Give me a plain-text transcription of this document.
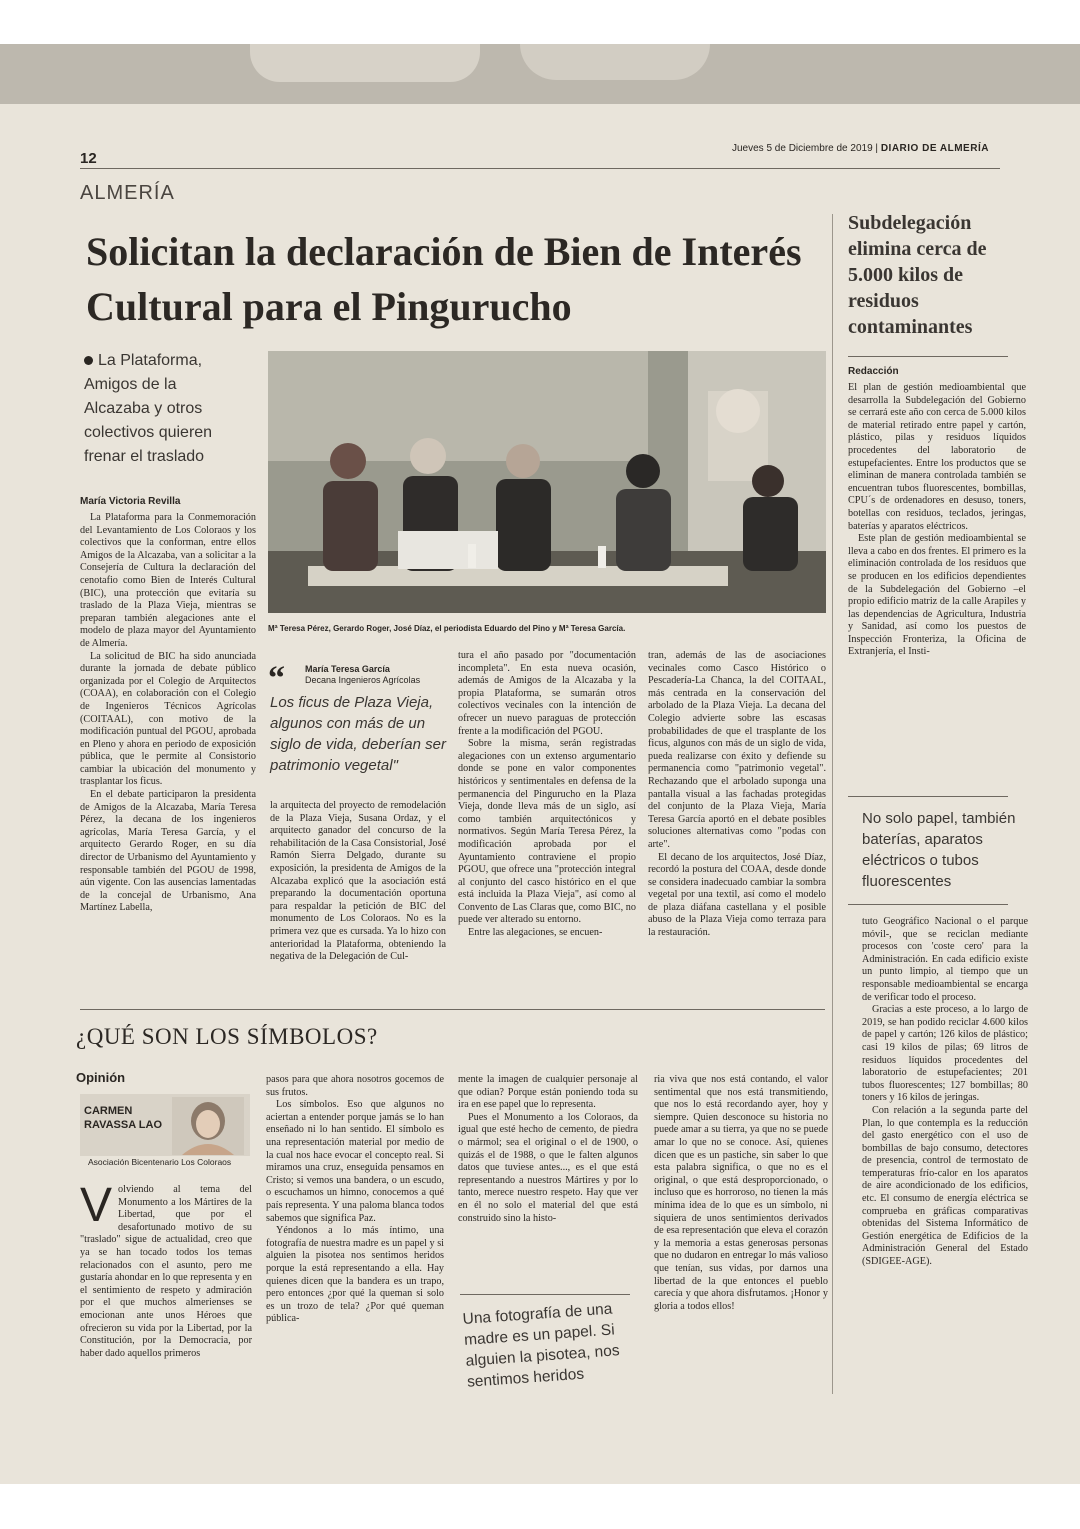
12
Jueves 5 de Diciembre de 2019 | DIARIO DE ALMERÍA
ALMERÍA
Solicitan la declaración de Bien de Interés Cultural para el Pingurucho
La Plataforma, Amigos de la Alcazaba y otros colectivos quieren frenar el traslado
Mª Teresa Pérez, Gerardo Roger, José Díaz, el periodista Eduardo del Pino y Mª Teresa García.
María Victoria Revilla

La Plataforma para la Conmemoración del Levantamiento de Los Coloraos y los colectivos que la conforman, entre ellos Amigos de la Alcazaba, van a solicitar a la Consejería de Cultura la declaración del cenotafio como Bien de Interés Cultural (BIC), una protección que evitaría su traslado de la Plaza Vieja, mientras se preparan también alegaciones ante el modelo de plaza mayor del Ayuntamiento de Almería.

La solicitud de BIC ha sido anunciada durante la jornada de debate público organizada por el Colegio de Arquitectos (COAA), en colaboración con el Colegio de Ingenieros Técnicos Agrícolas (COITAAL), con motivo de la modificación puntual del PGOU, aprobada en Pleno y ahora en periodo de exposición pública, que le permite al Consistorio cambiar la ubicación del monumento y trasplantar los ficus.

En el debate participaron la presidenta de Amigos de la Alcazaba, María Teresa Pérez, la decana de los ingenieros agrícolas, María Teresa García, y el arquitecto Gerardo Roger, en su día director de Urbanismo del Ayuntamiento y responsable también del PGOU de 1998, aún vigente. Con las ausencias lamentadas de la concejal de Urbanismo, Ana Martínez Labella,

“ María Teresa García
Decana Ingenieros Agrícolas
Los ficus de Plaza Vieja, algunos con más de un siglo de vida, deberían ser patrimonio vegetal"

la arquitecta del proyecto de remodelación de la Plaza Vieja, Susana Ordaz, y el arquitecto ganador del concurso de la rehabilitación de la Casa Consistorial, José Ramón Sierra Delgado, durante su exposición, la presidenta de Amigos de la Alcazaba explicó que la asociación está preparando la documentación oportuna para respaldar la petición de BIC del monumento de Los Coloraos. No es la primera vez que es cursada. Ya lo hizo con anterioridad la Plataforma, obteniendo la negativa de la Delegación de Cul-

tura el año pasado por "documentación incompleta". En esta nueva ocasión, además de Amigos de la Alcazaba y la propia Plataforma, se sumarán otros colectivos vecinales con la intención de ofrecer un nuevo paraguas de protección frente a la modificación del PGOU.

Sobre la misma, serán registradas alegaciones con un extenso argumentario donde se pone en valor componentes históricos y sentimentales en defensa de la permanencia del Pingurucho en la Plaza Vieja, donde lleva más de un siglo, así como también arquitectónicos y normativos. Según María Teresa Pérez, la modificación aprobada por el Ayuntamiento contraviene el propio PGOU, que ofrece una "protección integral al conjunto del casco histórico en el que está incluida la Plaza Vieja", así como al Convento de Las Claras que, como BIC, no puede ver alterado su entorno.

Entre las alegaciones, se encuen-

tran, además de las de asociaciones vecinales como Casco Histórico o Pescadería-La Chanca, la del COITAAL, más centrada en la conservación del arbolado de la Plaza Vieja. La decana del Colegio advierte sobre las escasas probabilidades de que el trasplante de los ficus, algunos con más de un siglo de vida, pueda realizarse con éxito y defiende su permanencia como "patrimonio vegetal". Rechazando que el arbolado suponga una pantalla visual a las fachadas protegidas del conjunto de la Plaza Vieja, María Teresa García aportó en el debate posibles soluciones alternativas como "podas con arte".

El decano de los arquitectos, José Díaz, recordó la postura del COAA, desde donde se considera inadecuado cambiar la sombra vegetal por una textil, así como el modelo de plaza diáfana castellana y el posible abuso de la Plaza Vieja como terraza para la restauración.

Subdelegación elimina cerca de 5.000 kilos de residuos contaminantes
Redacción

El plan de gestión medioambiental que desarrolla la Subdelegación del Gobierno se cerrará este año con cerca de 5.000 kilos de material retirado entre papel y cartón, plástico, pilas y residuos líquidos procedentes del laboratorio de estupefacientes. Entre los productos que se eliminan de manera controlada también se encuentran tubos fluorescentes, bombillas, CPU´s de ordenadores en desuso, toners, botellas con residuos, teclados, jeringas, baterías y aparatos eléctricos.

Este plan de gestión medioambiental se lleva a cabo en dos frentes. El primero es la eliminación controlada de los residuos que se producen en los edificios dependientes de la Subdelegación del Gobierno –el propio edificio matriz de la calle Arapiles y las dependencias de Agricultura, Industria y Sanidad, así como los puestos de Inspección Fronteriza, la Oficina de Extranjería, el Insti-

No solo papel, también baterías, aparatos eléctricos o tubos fluorescentes

tuto Geográfico Nacional o el parque móvil-, que se reciclan mediante procesos con 'coste cero' para la Administración. En cada edificio existe un punto limpio, al tiempo que un responsable medioambiental se encarga de verificar todo el proceso.

Gracias a este proceso, a lo largo de 2019, se han podido reciclar 4.600 kilos de papel y cartón; 126 kilos de plástico; casi 19 kilos de pilas; 69 litros de residuos líquidos procedentes del laboratorio de estupefacientes; 201 tubos fluorescentes; 127 bombillas; 80 toners y 16 kilos de jeringas.

Con relación a la segunda parte del Plan, lo que contempla es la reducción del gasto energético con el uso de bombillas de bajo consumo, detectores de presencia, control de termostato de temperaturas frío-calor en los aparatos de aire acondicionado de los edificios, etc. El consumo de energía eléctrica se comprueba en gráficas comparativas obtenidas del Sistema Informático de Gestión energética de Edificios de la Administración General del Estado (SDIGEE-AGE).

¿QUÉ SON LOS SÍMBOLOS?
Opinión
CARMEN RAVASSA LAO
Asociación Bicentenario Los Coloraos
Volviendo al tema del Monumento a los Mártires de la Libertad, que por el desafortunado motivo de su "traslado" sigue de actualidad, creo que ya se han tocado todos los temas relacionados con el asunto, pero me gustaría ahondar en lo que representa y en el sentimiento de respeto y admiración por el que muchos almerienses se emocionan ante unos Héroes que ofrecieron su vida por la Libertad, por la Constitución, por la Democracia, por haber dado aquellos primeros

pasos para que ahora nosotros gocemos de sus frutos.

Los símbolos. Eso que algunos no aciertan a entender porque jamás se lo han enseñado ni lo han sentido. El símbolo es una representación material por medio de la cual nos hace evocar el concepto real. Si miramos una cruz, enseguida pensamos en Cristo; si vemos una bandera, o un escudo, o escuchamos un himno, conocemos a qué país representa. Y una paloma blanca todos sabemos que significa Paz.

Yéndonos a lo más íntimo, una fotografía de nuestra madre es un papel y si alguien la pisotea nos sentimos heridos porque la está representando a ella. Hay quienes dicen que la bandera es un trapo, pero entonces ¿por qué la queman si solo es un trozo de tela? ¿Por qué queman pública-

mente la imagen de cualquier personaje al que odian? Porque están poniendo toda su ira en ese papel que lo representa.

Pues el Monumento a los Coloraos, da igual que esté hecho de cemento, de piedra o mármol; sea el original o el de 1900, o quizás el de 1988, o que le falten algunos datos que tuviese antes..., es el que está representando a nuestros Mártires y por lo tanto, merece nuestro respeto. Hay que ver en él no solo el material del que está construido sino la histo-

Una fotografía de una madre es un papel. Si alguien la pisotea, nos sentimos heridos

ria viva que nos está contando, el valor sentimental que nos está transmitiendo, que nos lo está recordando ayer, hoy y siempre. Quien desconoce su historia no puede amar a su tierra, ya que no se puede amar lo que no se conoce. Así, quienes dicen que es un pastiche, sin saber lo que esta palabra significa, o que no es el original, o que está desproporcionado, o incluso que es horroroso, no tienen la más mínima idea de lo que es un símbolo, ni siquiera de unos sentimientos derivados de esa representación que eleva el corazón y la memoria a estas generosas personas que no dudaron en entregar lo más valioso que tenían, sus vidas, por darnos una libertad de la que entonces el pueblo carecía y que ahora disfrutamos. ¡Honor y gloria a todos ellos!
